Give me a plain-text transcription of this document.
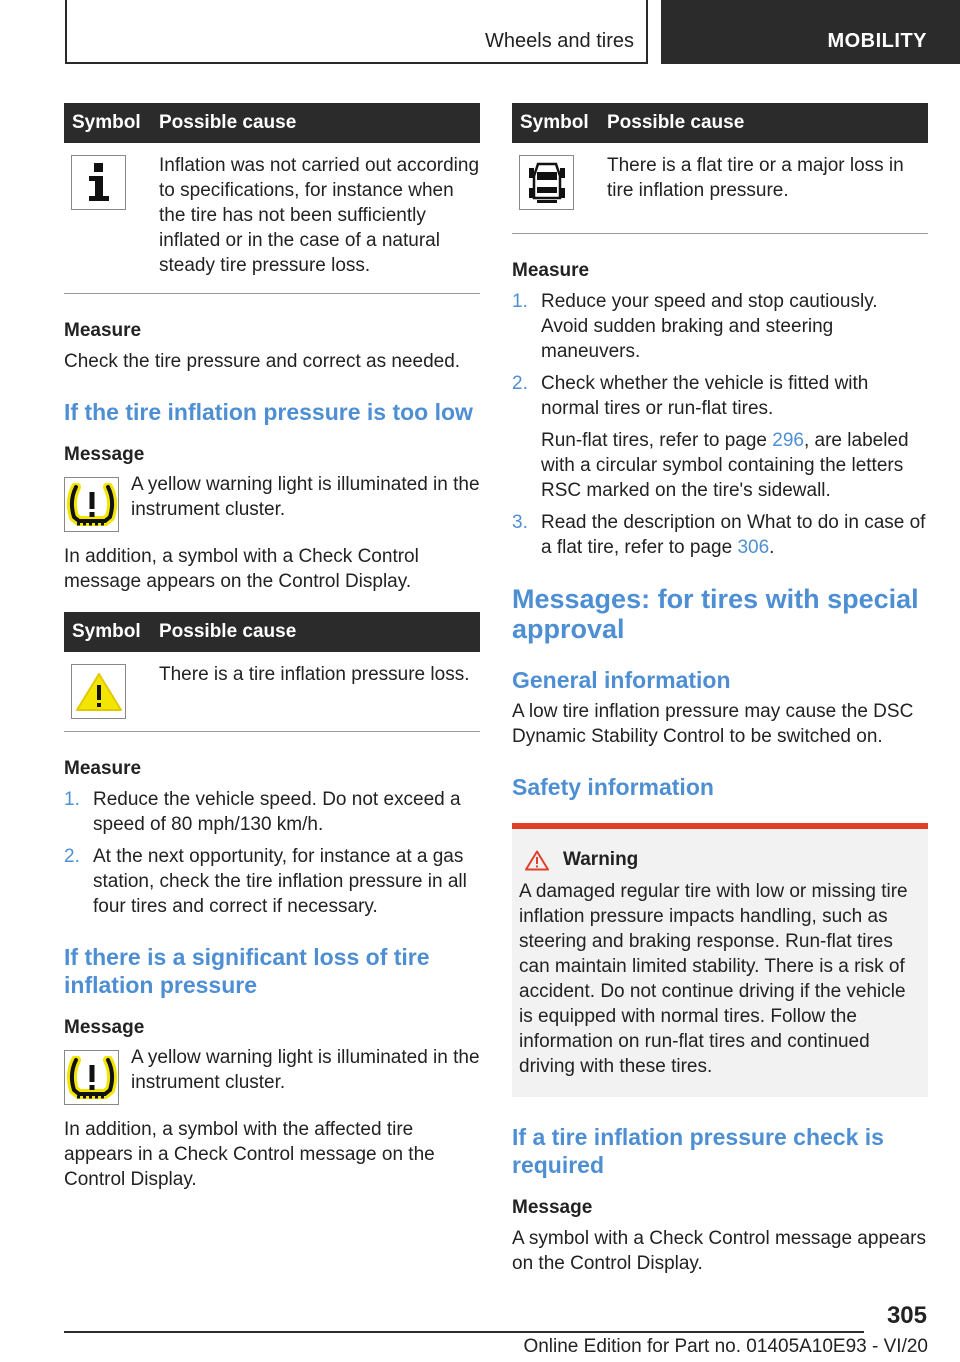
Wheels and tires	MOBILITY
Symbol	Possible cause

	Inflation was not carried out according to specifications, for instance when the tire has not been sufficiently inflated or in the case of a natural steady tire pressure loss.

Measure

Check the tire pressure and correct as needed.

If the tire inflation pressure is too low

Message

A yellow warning light is illuminated in the instrument cluster.

In addition, a symbol with a Check Control message appears on the Control Display.

Symbol	Possible cause

	There is a tire inflation pressure loss.

Measure

1. Reduce the vehicle speed. Do not exceed a speed of 80 mph/130 km/h.
2. At the next opportunity, for instance at a gas station, check the tire inflation pressure in all four tires and correct if necessary.

If there is a significant loss of tire inflation pressure

Message

A yellow warning light is illuminated in the instrument cluster.

In addition, a symbol with the affected tire appears in a Check Control message on the Control Display.

Symbol	Possible cause

	There is a flat tire or a major loss in tire inflation pressure.

Measure

1. Reduce your speed and stop cautiously. Avoid sudden braking and steering maneuvers.
2. Check whether the vehicle is fitted with normal tires or run-flat tires.
Run-flat tires, refer to page 296, are labeled with a circular symbol containing the letters RSC marked on the tire's sidewall.
3. Read the description on What to do in case of a flat tire, refer to page 306.

Messages: for tires with special approval

General information

A low tire inflation pressure may cause the DSC Dynamic Stability Control to be switched on.

Safety information

Warning

A damaged regular tire with low or missing tire inflation pressure impacts handling, such as steering and braking response. Run-flat tires can maintain limited stability. There is a risk of accident. Do not continue driving if the vehicle is equipped with normal tires. Follow the information on run-flat tires and continued driving with these tires.

If a tire inflation pressure check is required

Message

A symbol with a Check Control message appears on the Control Display.

305
Online Edition for Part no. 01405A10E93 - VI/20
